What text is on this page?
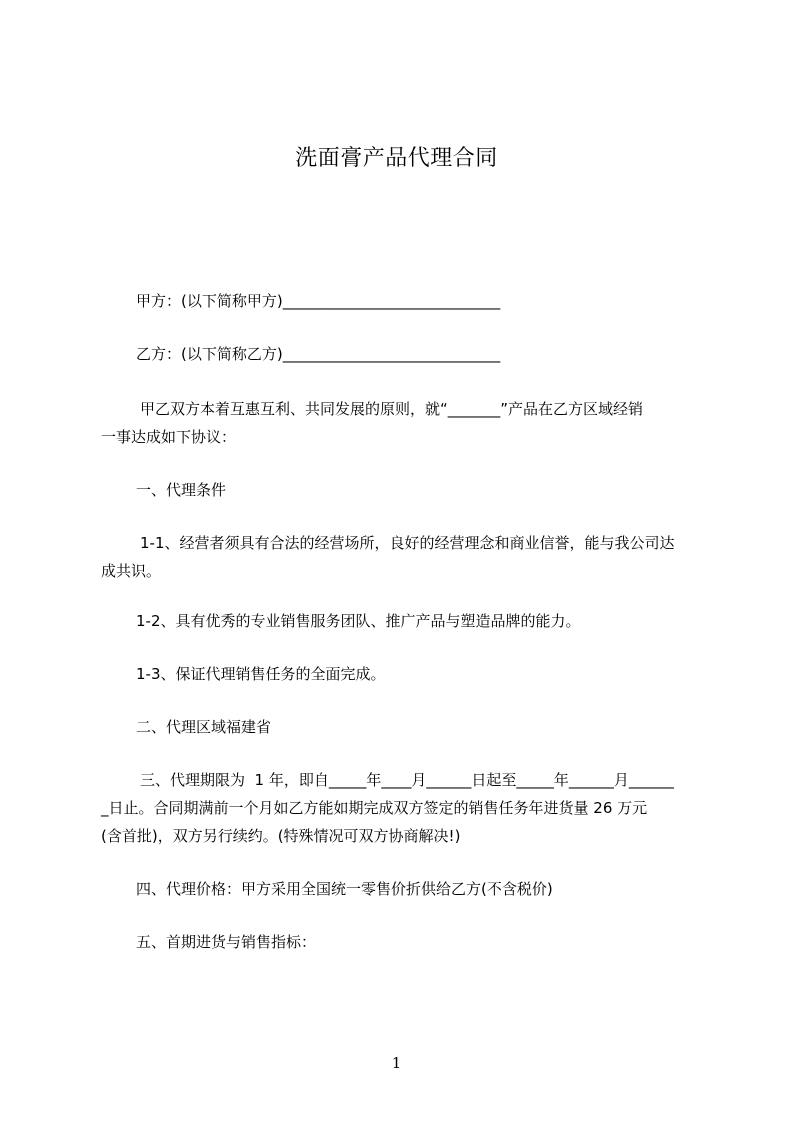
洗面膏产品代理合同
甲方：(以下简称甲方)_____________________________
乙方：(以下简称乙方)_____________________________
甲乙双方本着互惠互利、共同发展的原则，就“_______”产品在乙方区域经销
一事达成如下协议：
一、代理条件
1-1、经营者须具有合法的经营场所，良好的经营理念和商业信誉，能与我公司达
成共识。
1-2、具有优秀的专业销售服务团队、推广产品与塑造品牌的能力。
1-3、保证代理销售任务的全面完成。
二、代理区域福建省
三、代理期限为  1 年，即自_____年____月______日起至_____年______月______
_日止。合同期满前一个月如乙方能如期完成双方签定的销售任务年进货量 26 万元
(含首批)，双方另行续约。(特殊情况可双方协商解决!)
四、代理价格：甲方采用全国统一零售价折供给乙方(不含税价)
五、首期进货与销售指标：
1
